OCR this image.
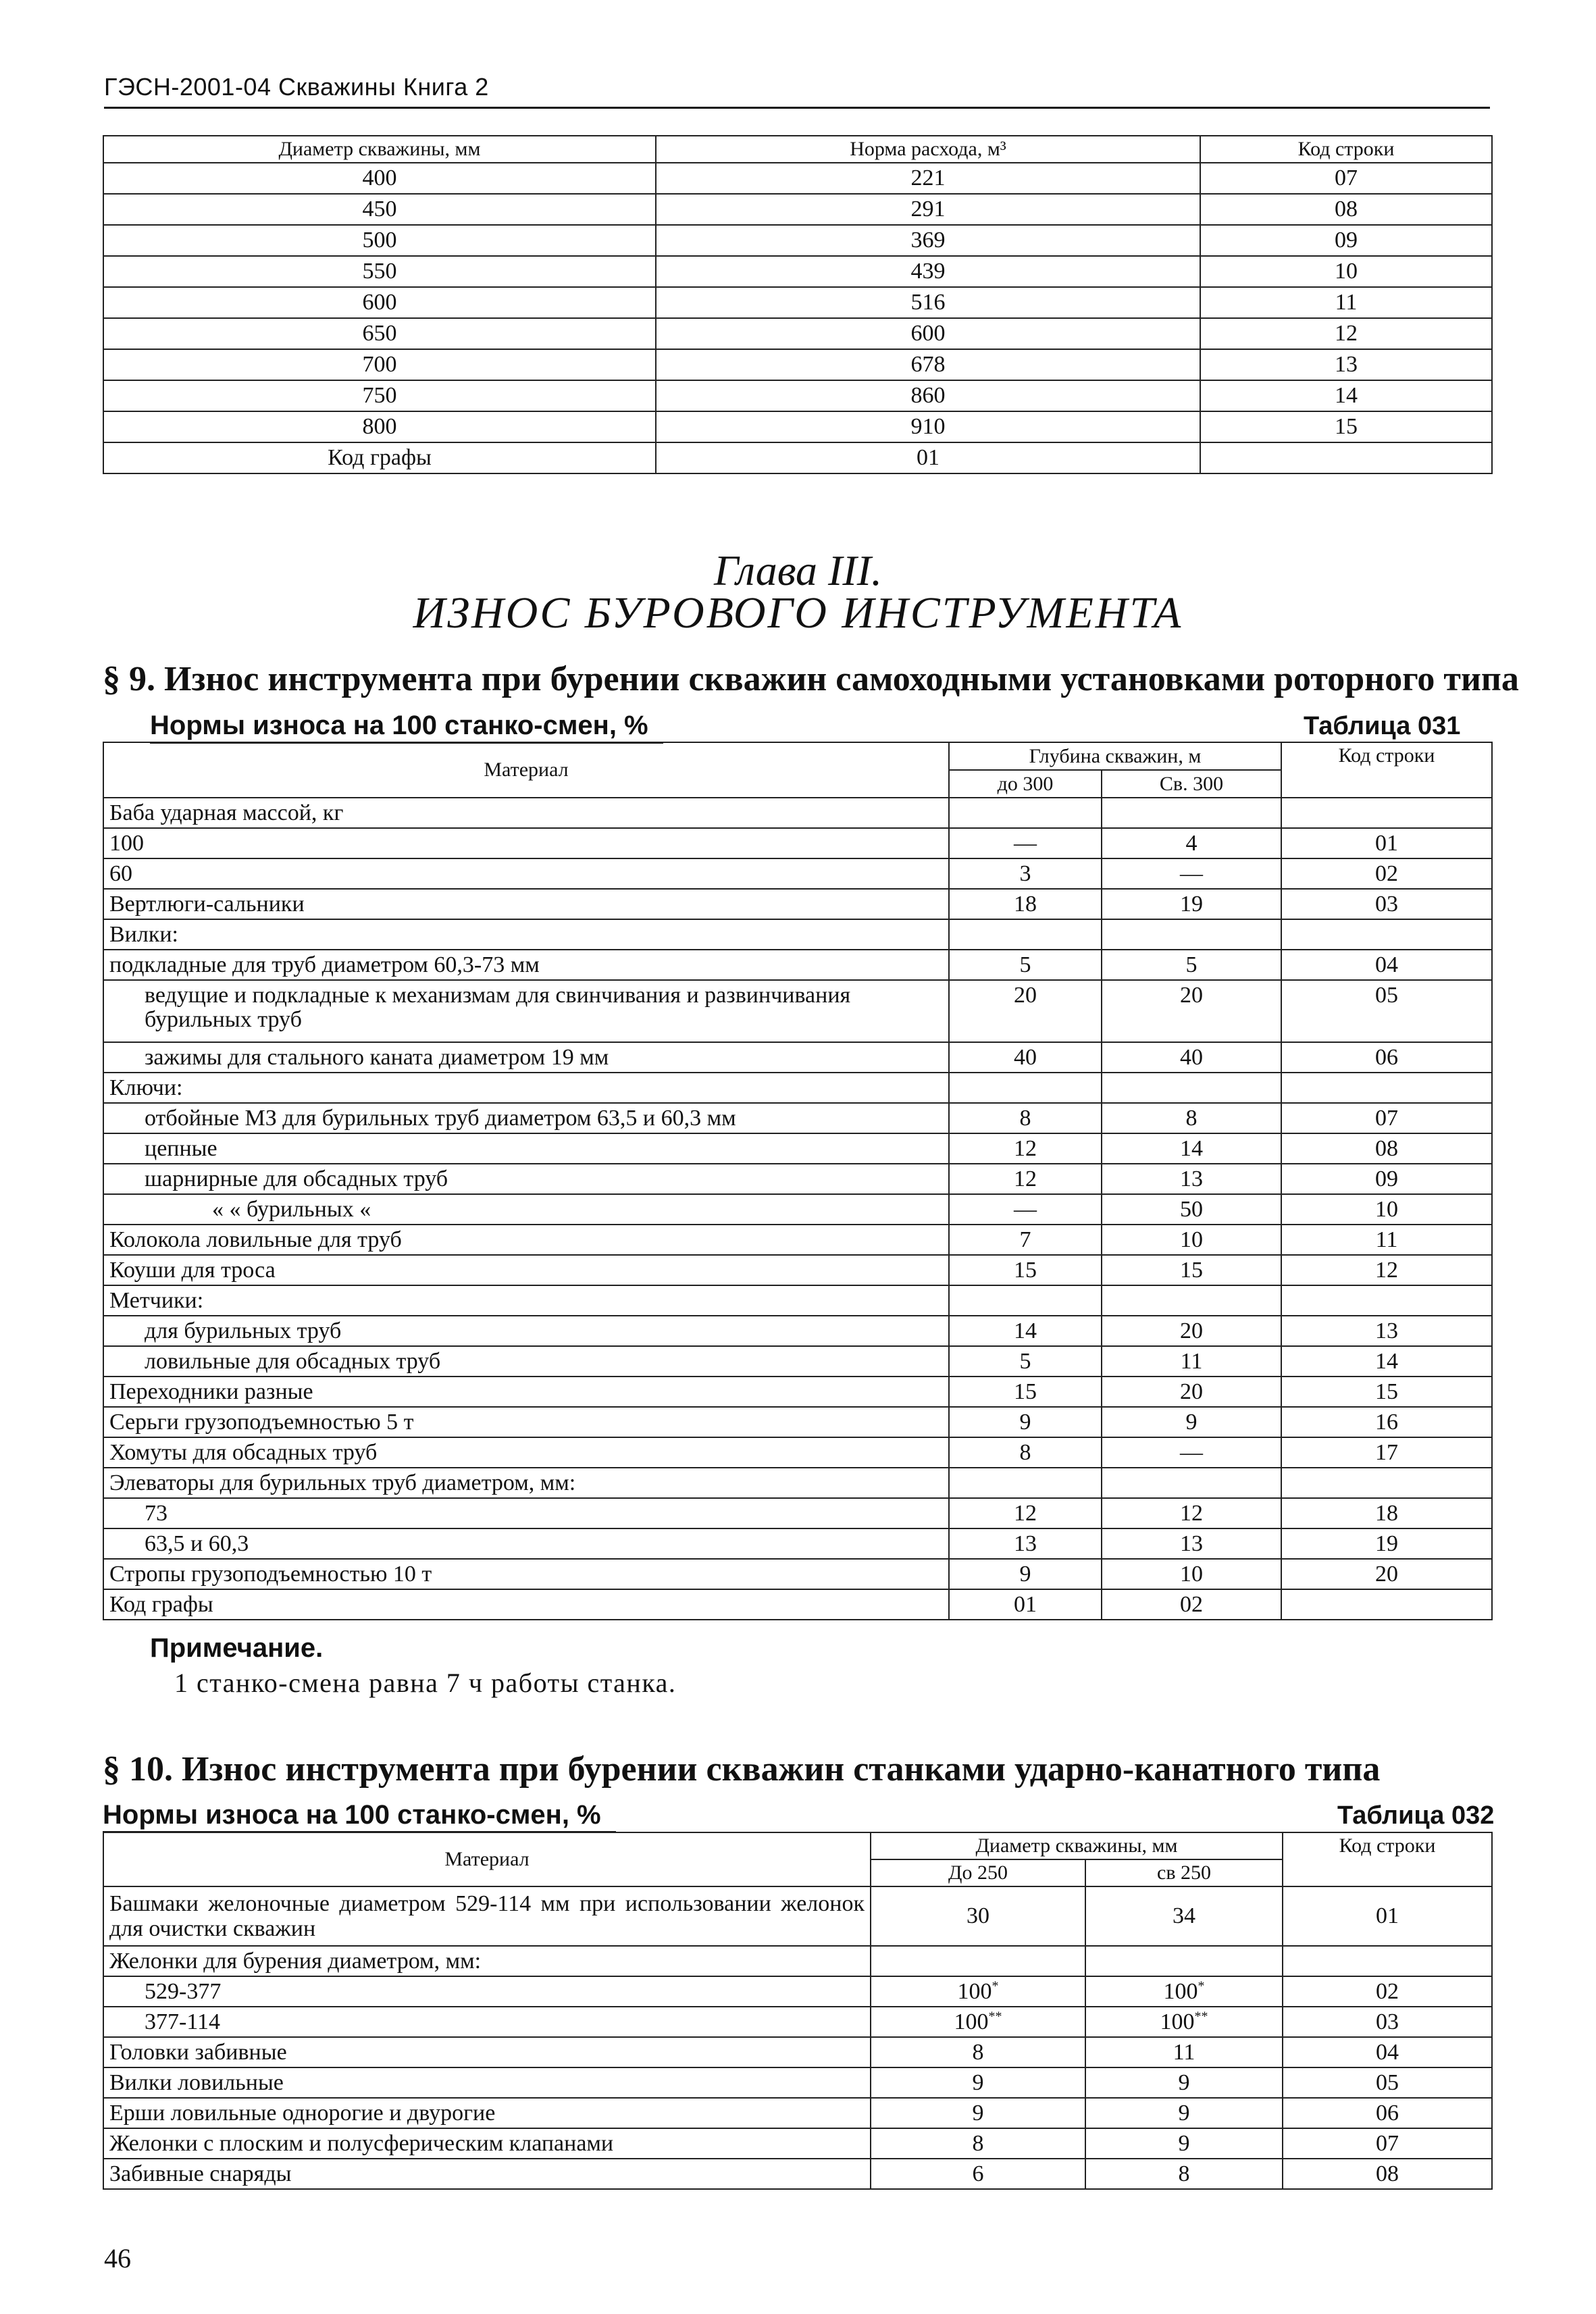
ГЭСН-2001-04 Скважины Книга 2
Диаметр скважины, мм	Норма расхода, м³	Код строки
400	221	07
450	291	08
500	369	09
550	439	10
600	516	11
650	600	12
700	678	13
750	860	14
800	910	15
Код графы	01	
Глава III.
ИЗНОС БУРОВОГО ИНСТРУМЕНТА
§ 9. Износ инструмента при бурении скважин самоходными установками роторного типа
Нормы износа на 100 станко-смен, %	Таблица 031
Материал	Глубина скважин, м		Код строки
	до 300	Св. 300	
Баба ударная массой, кг			
100	—	4	01
60	3	—	02
Вертлюги-сальники	18	19	03
Вилки:			
подкладные для труб диаметром 60,3-73 мм	5	5	04
ведущие и подкладные к механизмам для свинчивания и развинчивания бурильных труб	20	20	05
зажимы для стального каната диаметром 19 мм	40	40	06
Ключи:			
отбойные МЗ для бурильных труб диаметром 63,5 и 60,3 мм	8	8	07
цепные	12	14	08
шарнирные для обсадных труб	12	13	09
« « бурильных «	—	50	10
Колокола ловильные для труб	7	10	11
Коуши для троса	15	15	12
Метчики:			
для бурильных труб	14	20	13
ловильные для обсадных труб	5	11	14
Переходники разные	15	20	15
Серьги грузоподъемностью 5 т	9	9	16
Хомуты для обсадных труб	8	—	17
Элеваторы для бурильных труб диаметром, мм:			
73	12	12	18
63,5 и 60,3	13	13	19
Стропы грузоподъемностью 10 т	9	10	20
Код графы	01	02	
Примечание.
1 станко-смена равна 7 ч работы станка.
§ 10. Износ инструмента при бурении скважин станками ударно-канатного типа
Нормы износа на 100 станко-смен, %	Таблица 032
Материал	Диаметр скважины, мм		Код строки
	До 250	св 250	
Башмаки желоночные диаметром 529-114 мм при использовании желонок для очистки скважин	30	34	01
Желонки для бурения диаметром, мм:			
529-377	100*	100*	02
377-114	100**	100**	03
Головки забивные	8	11	04
Вилки ловильные	9	9	05
Ерши ловильные однорогие и двурогие	9	9	06
Желонки с плоским и полусферическим клапанами	8	9	07
Забивные снаряды	6	8	08
46
